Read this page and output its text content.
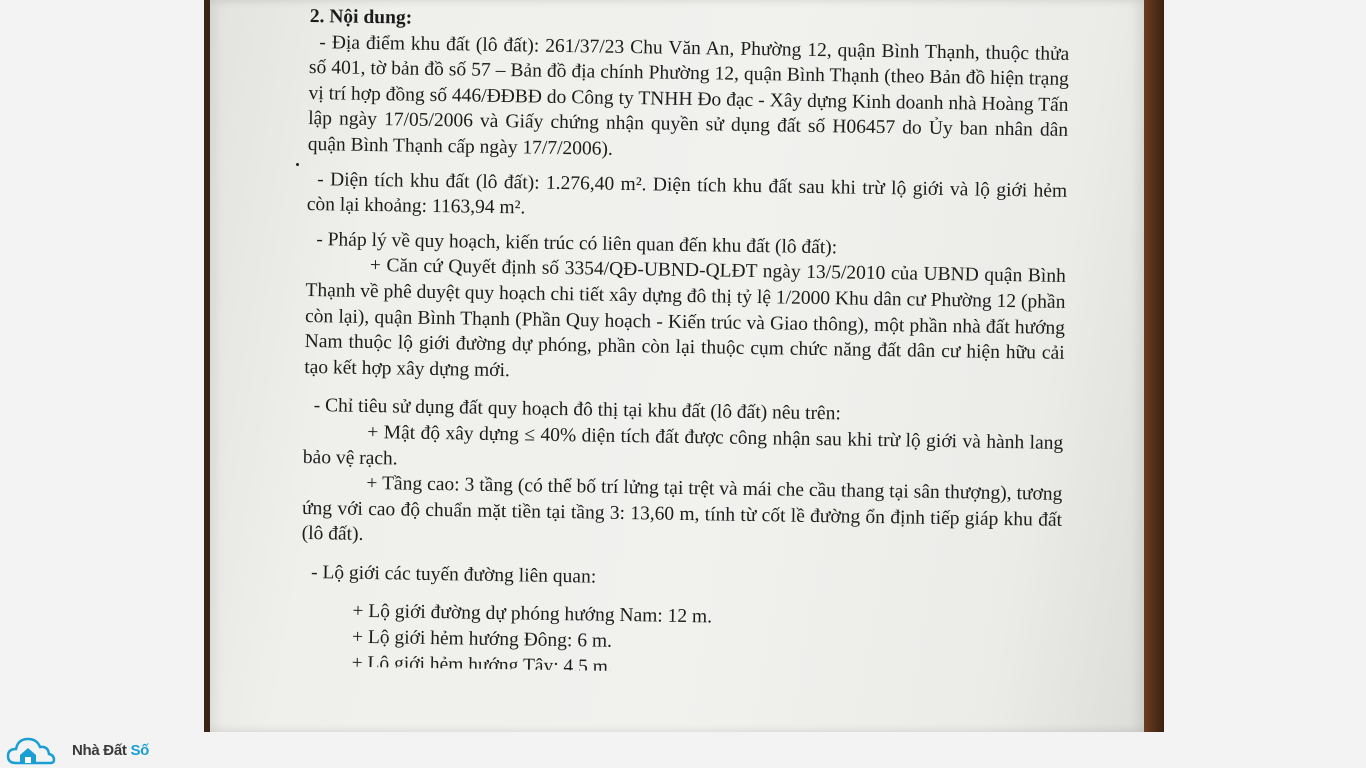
2. Nội dung:

- Địa điểm khu đất (lô đất): 261/37/23 Chu Văn An, Phường 12, quận Bình Thạnh, thuộc thửa số 401, tờ bản đồ số 57 – Bản đồ địa chính Phường 12, quận Bình Thạnh (theo Bản đồ hiện trạng vị trí hợp đồng số 446/ĐĐBĐ do Công ty TNHH Đo đạc - Xây dựng Kinh doanh nhà Hoàng Tấn lập ngày 17/05/2006 và Giấy chứng nhận quyền sử dụng đất số H06457 do Ủy ban nhân dân quận Bình Thạnh cấp ngày 17/7/2006).

- Diện tích khu đất (lô đất): 1.276,40 m². Diện tích khu đất sau khi trừ lộ giới và lộ giới hẻm còn lại khoảng: 1163,94 m².

- Pháp lý về quy hoạch, kiến trúc có liên quan đến khu đất (lô đất):

+ Căn cứ Quyết định số 3354/QĐ-UBND-QLĐT ngày 13/5/2010 của UBND quận Bình Thạnh về phê duyệt quy hoạch chi tiết xây dựng đô thị tỷ lệ 1/2000 Khu dân cư Phường 12 (phần còn lại), quận Bình Thạnh (Phần Quy hoạch - Kiến trúc và Giao thông), một phần nhà đất hướng Nam thuộc lộ giới đường dự phóng, phần còn lại thuộc cụm chức năng đất dân cư hiện hữu cải tạo kết hợp xây dựng mới.

- Chỉ tiêu sử dụng đất quy hoạch đô thị tại khu đất (lô đất) nêu trên:

+ Mật độ xây dựng ≤ 40% diện tích đất được công nhận sau khi trừ lộ giới và hành lang bảo vệ rạch.

+ Tầng cao: 3 tầng (có thể bố trí lửng tại trệt và mái che cầu thang tại sân thượng), tương ứng với cao độ chuẩn mặt tiền tại tầng 3: 13,60 m, tính từ cốt lề đường ổn định tiếp giáp khu đất (lô đất).

- Lộ giới các tuyến đường liên quan:

+ Lộ giới đường dự phóng hướng Nam: 12 m.

+ Lộ giới hẻm hướng Đông: 6 m.

+ Lộ giới hẻm hướng Tây: 4,5 m.

Nhà Đất Số
